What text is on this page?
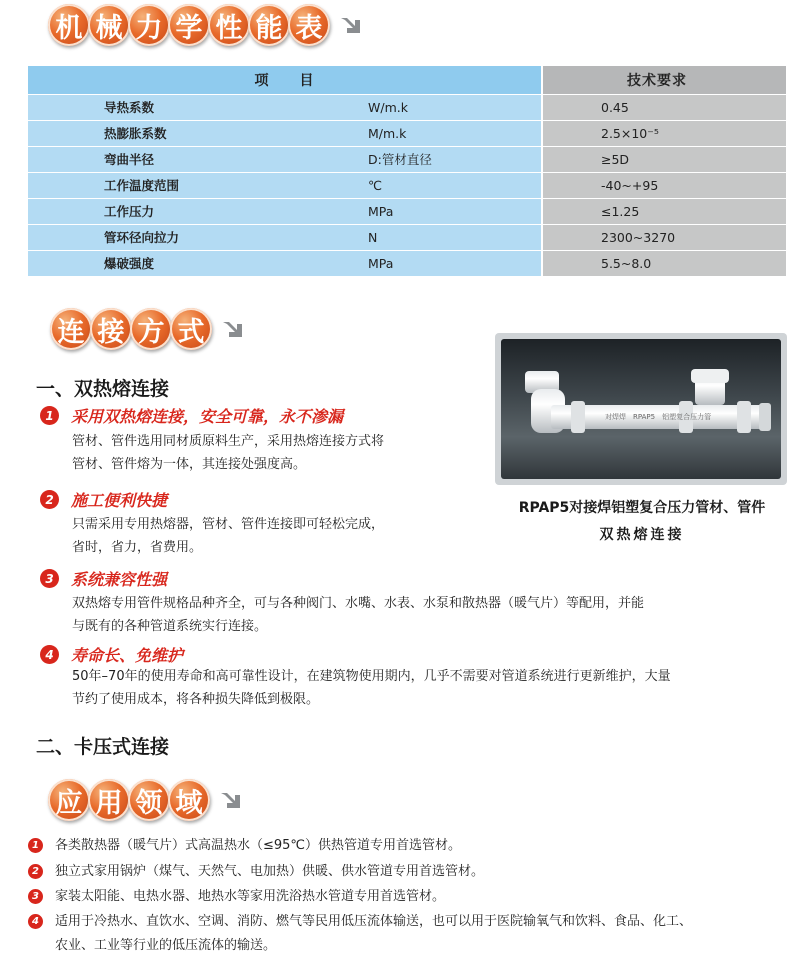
机 械 力 学 性 能 表
项　　目		技术要求
导热系数	W/m.k	0.45
热膨胀系数	M/m.k	2.5×10⁻⁵
弯曲半径	D:管材直径	≥5D
工作温度范围	℃	-40~+95
工作压力	MPa	≤1.25
管环径向拉力	N	2300~3270
爆破强度	MPa	5.5~8.0
连 接 方 式
一、双热熔连接
1	采用双热熔连接，安全可靠，永不渗漏
管材、管件选用同材质原料生产，采用热熔连接方式将
管材、管件熔为一体，其连接处强度高。
2	施工便利快捷
只需采用专用热熔器，管材、管件连接即可轻松完成，
省时，省力，省费用。
3	系统兼容性强
双热熔专用管件规格品种齐全，可与各种阀门、水嘴、水表、水泵和散热器（暖气片）等配用，并能
与既有的各种管道系统实行连接。
4	寿命长、免维护
50年–70年的使用寿命和高可靠性设计，在建筑物使用期内，几乎不需要对管道系统进行更新维护，大量
节约了使用成本，将各种损失降低到极限。
二、卡压式连接
对焊焊　RPAP5　铝塑复合压力管
RPAP5对接焊铝塑复合压力管材、管件
双热熔连接
应 用 领 域
1	各类散热器（暖气片）式高温热水（≤95℃）供热管道专用首选管材。
2	独立式家用锅炉（煤气、天然气、电加热）供暖、供水管道专用首选管材。
3	家装太阳能、电热水器、地热水等家用洗浴热水管道专用首选管材。
4	适用于冷热水、直饮水、空调、消防、燃气等民用低压流体输送，也可以用于医院输氧气和饮料、食品、化工、
农业、工业等行业的低压流体的输送。
